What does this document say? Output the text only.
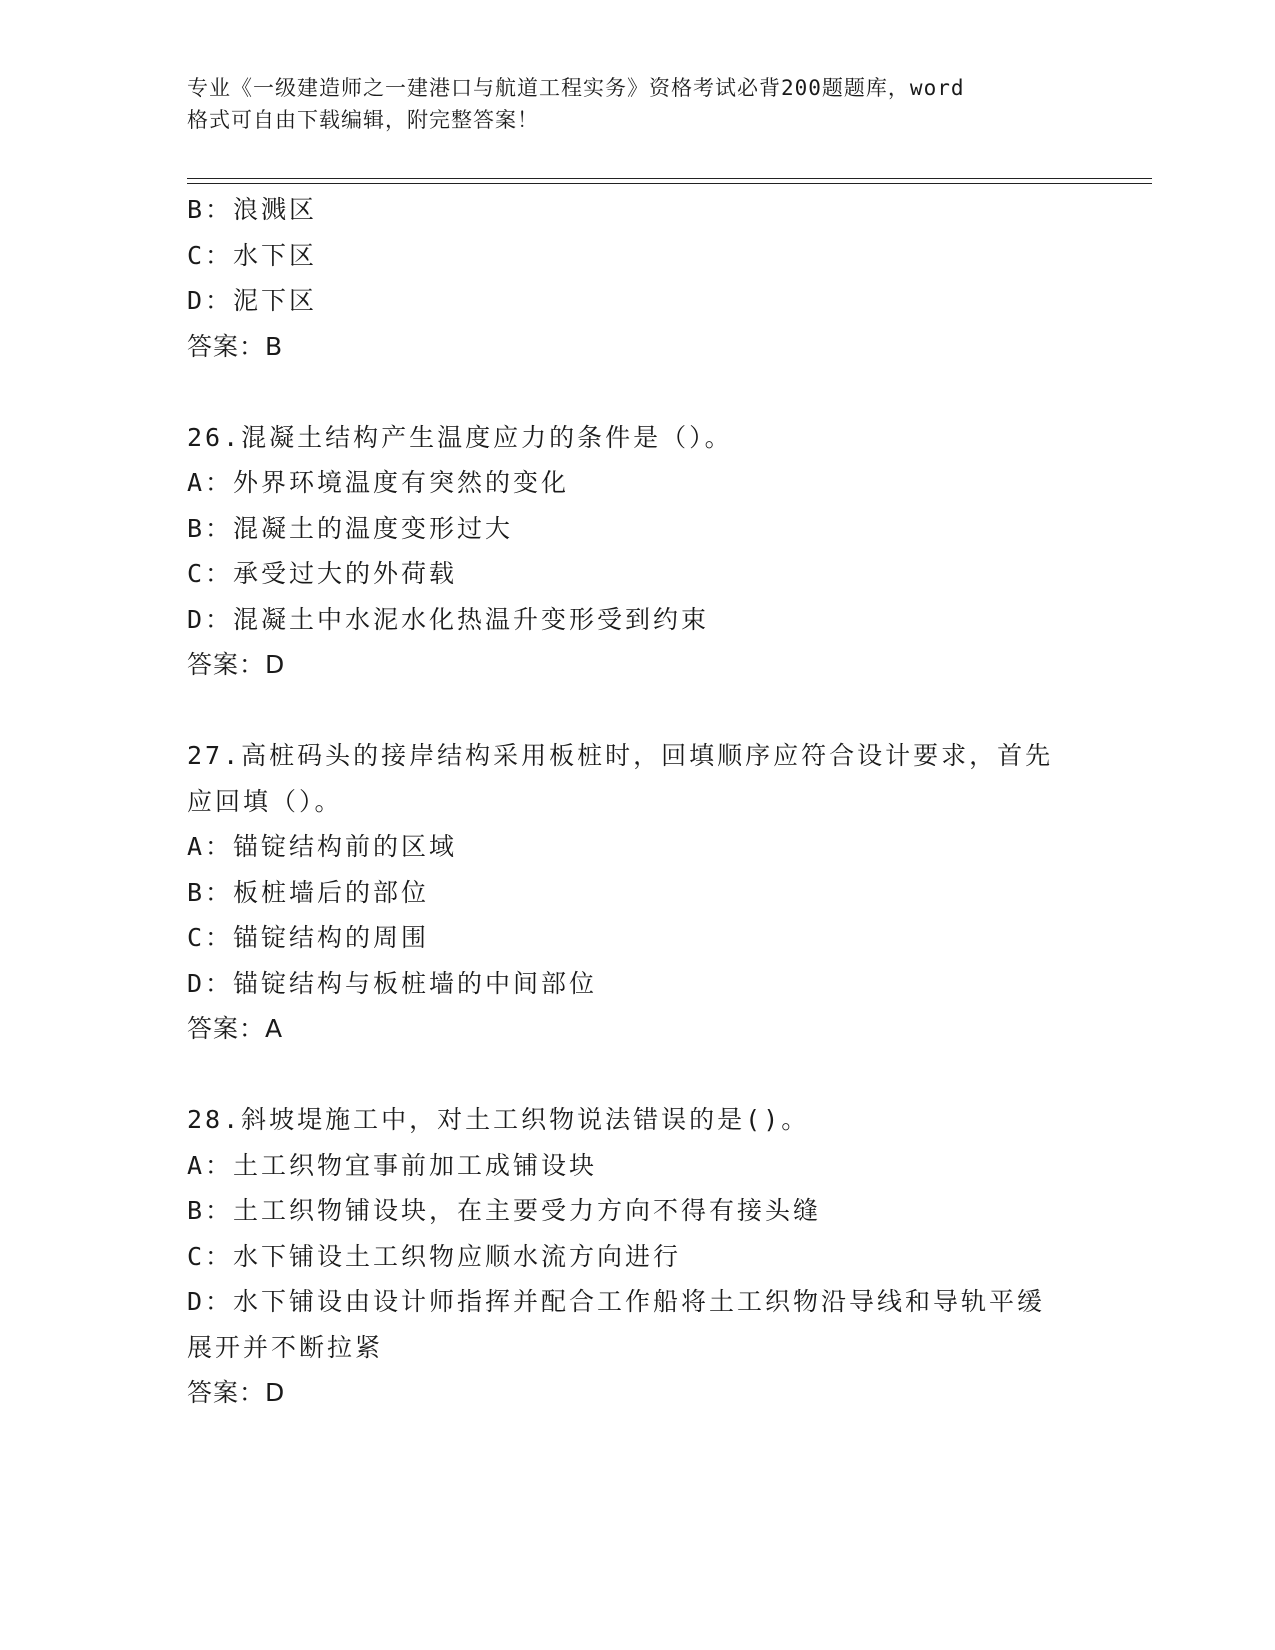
专业《一级建造师之一建港口与航道工程实务》资格考试必背200题题库，word
格式可自由下载编辑，附完整答案！
B：浪溅区
C：水下区
D：泥下区
答案：B
26.混凝土结构产生温度应力的条件是（）。
A：外界环境温度有突然的变化
B：混凝土的温度变形过大
C：承受过大的外荷载
D：混凝土中水泥水化热温升变形受到约束
答案：D
27.高桩码头的接岸结构采用板桩时，回填顺序应符合设计要求，首先
应回填（）。
A：锚锭结构前的区域
B：板桩墙后的部位
C：锚锭结构的周围
D：锚锭结构与板桩墙的中间部位
答案：A
28.斜坡堤施工中，对土工织物说法错误的是()。
A：土工织物宜事前加工成铺设块
B：土工织物铺设块，在主要受力方向不得有接头缝
C：水下铺设土工织物应顺水流方向进行
D：水下铺设由设计师指挥并配合工作船将土工织物沿导线和导轨平缓
展开并不断拉紧
答案：D
